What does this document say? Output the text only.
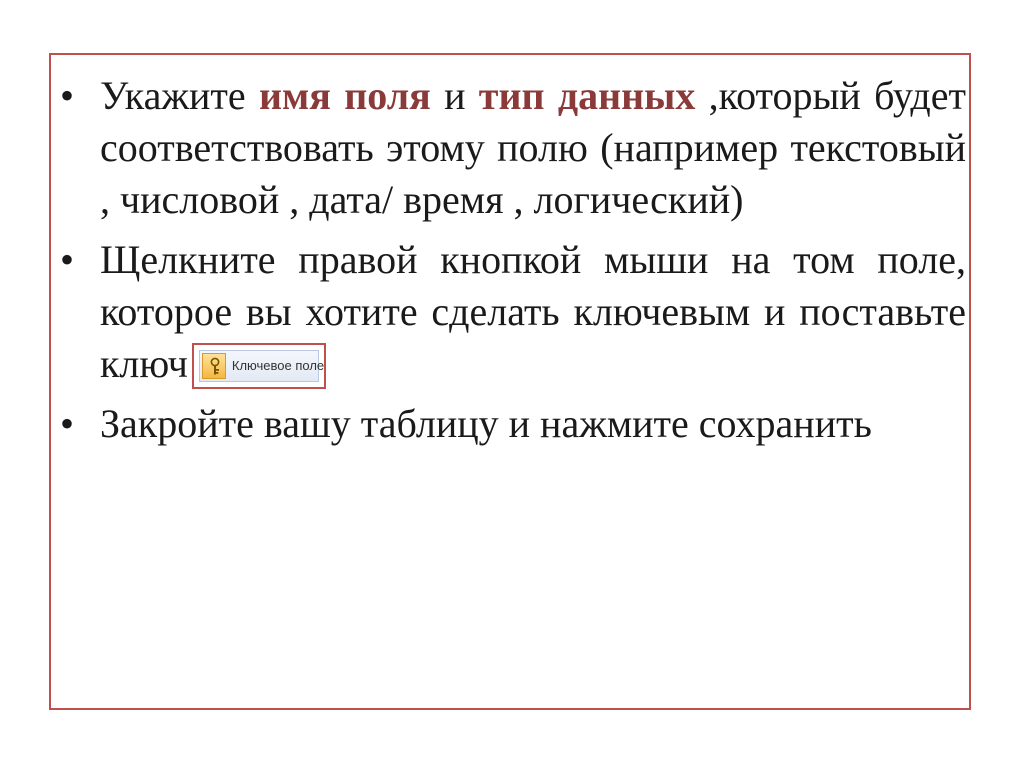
• Укажите имя поля и тип данных ,который будет соответствовать этому полю (например текстовый , числовой , дата/ время , логический)
• Щелкните правой кнопкой мыши на том поле, которое вы хотите сделать ключевым и поставьте ключ	Ключевое поле
• Закройте вашу таблицу и нажмите сохранить
